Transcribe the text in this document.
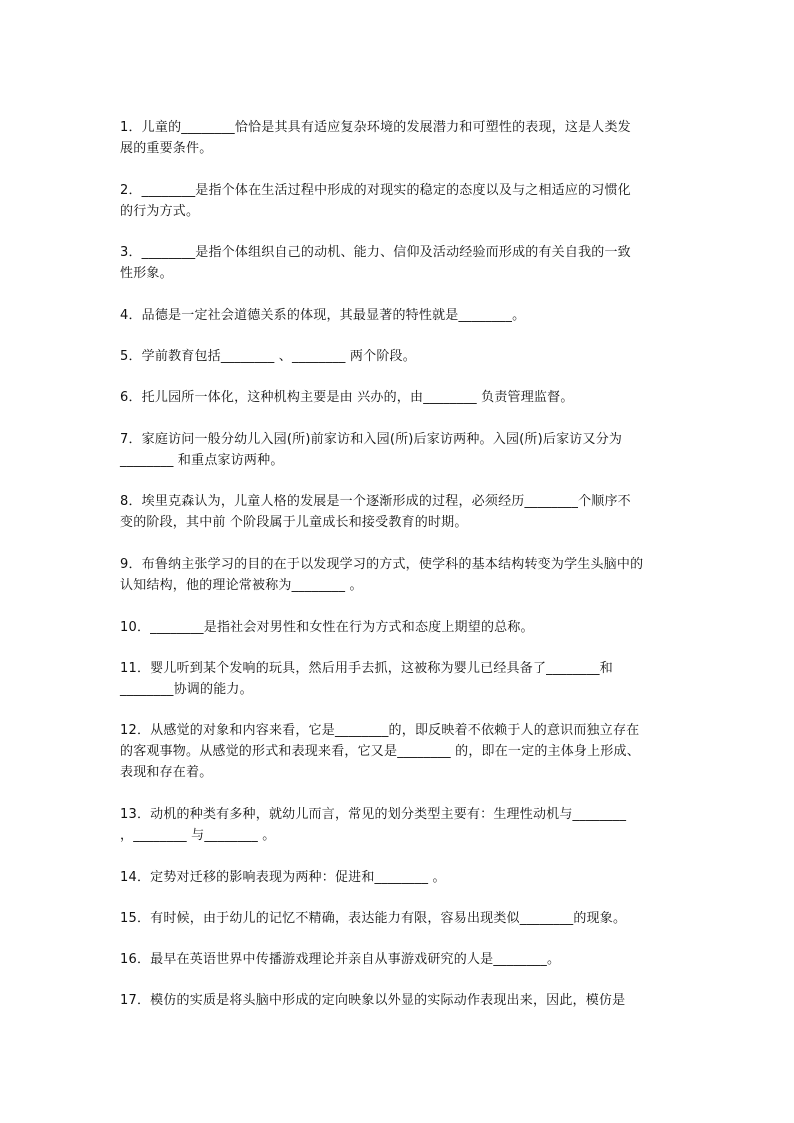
1．儿童的________恰恰是其具有适应复杂环境的发展潜力和可塑性的表现，这是人类发
展的重要条件。
2．________是指个体在生活过程中形成的对现实的稳定的态度以及与之相适应的习惯化
的行为方式。
3．________是指个体组织自己的动机、能力、信仰及活动经验而形成的有关自我的一致
性形象。
4．品德是一定社会道德关系的体现，其最显著的特性就是________。
5．学前教育包括________ 、________ 两个阶段。
6．托儿园所一体化，这种机构主要是由 兴办的，由________ 负责管理监督。
7．家庭访问一般分幼儿入园(所)前家访和入园(所)后家访两种。入园(所)后家访又分为
________ 和重点家访两种。
8．埃里克森认为，儿童人格的发展是一个逐渐形成的过程，必须经历________个顺序不
变的阶段，其中前 个阶段属于儿童成长和接受教育的时期。
9．布鲁纳主张学习的目的在于以发现学习的方式，使学科的基本结构转变为学生头脑中的
认知结构，他的理论常被称为________ 。
10．________是指社会对男性和女性在行为方式和态度上期望的总称。
11．婴儿听到某个发响的玩具，然后用手去抓，这被称为婴儿已经具备了________和
________协调的能力。
12．从感觉的对象和内容来看，它是________的，即反映着不依赖于人的意识而独立存在
的客观事物。从感觉的形式和表现来看，它又是________ 的，即在一定的主体身上形成、
表现和存在着。
13．动机的种类有多种，就幼儿而言，常见的划分类型主要有：生理性动机与________
，________ 与________ 。
14．定势对迁移的影响表现为两种：促进和________ 。
15．有时候，由于幼儿的记忆不精确，表达能力有限，容易出现类似________的现象。
16．最早在英语世界中传播游戏理论并亲自从事游戏研究的人是________。
17．模仿的实质是将头脑中形成的定向映象以外显的实际动作表现出来，因此，模仿是
